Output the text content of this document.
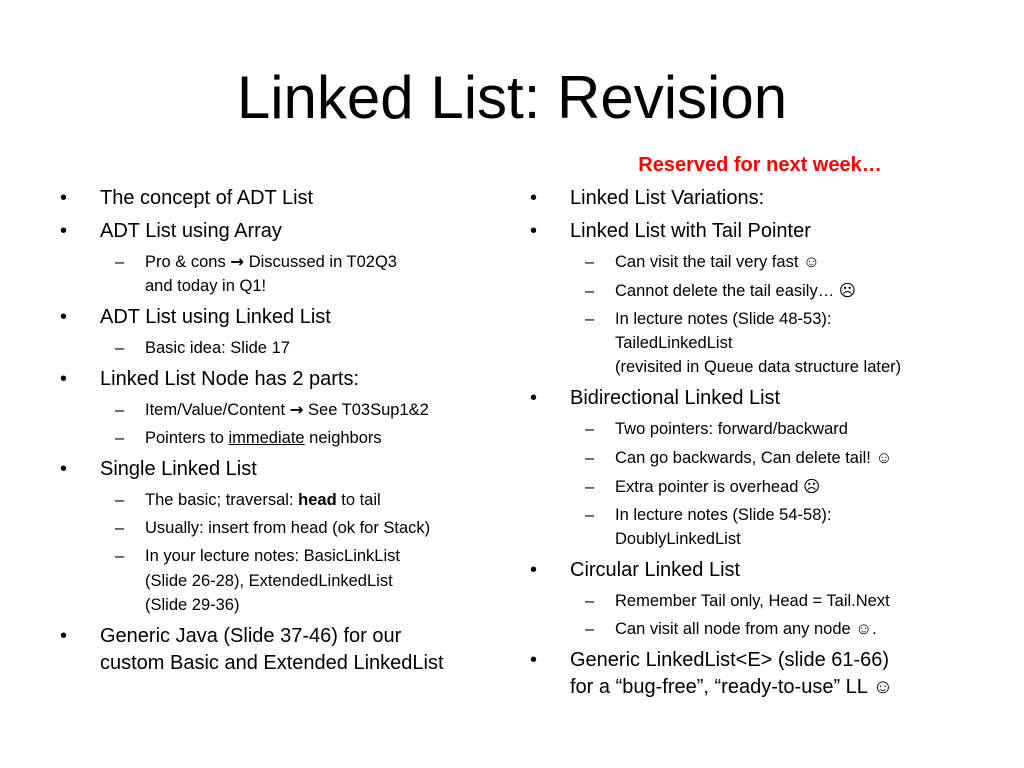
Linked List: Revision
Reserved for next week…
• The concept of ADT List
• ADT List using Array
– Pro & cons → Discussed in T02Q3
and today in Q1!
• ADT List using Linked List
– Basic idea: Slide 17
• Linked List Node has 2 parts:
– Item/Value/Content → See T03Sup1&2
– Pointers to immediate neighbors
• Single Linked List
– The basic; traversal: head to tail
– Usually: insert from head (ok for Stack)
– In your lecture notes: BasicLinkList
(Slide 26-28), ExtendedLinkedList
(Slide 29-36)
• Generic Java (Slide 37-46) for our
custom Basic and Extended LinkedList
• Linked List Variations:
• Linked List with Tail Pointer
– Can visit the tail very fast ☺
– Cannot delete the tail easily… ☹
– In lecture notes (Slide 48-53):
TailedLinkedList
(revisited in Queue data structure later)
• Bidirectional Linked List
– Two pointers: forward/backward
– Can go backwards, Can delete tail! ☺
– Extra pointer is overhead ☹
– In lecture notes (Slide 54-58):
DoublyLinkedList
• Circular Linked List
– Remember Tail only, Head = Tail.Next
– Can visit all node from any node ☺.
• Generic LinkedList<E> (slide 61-66)
for a “bug-free”, “ready-to-use” LL ☺
